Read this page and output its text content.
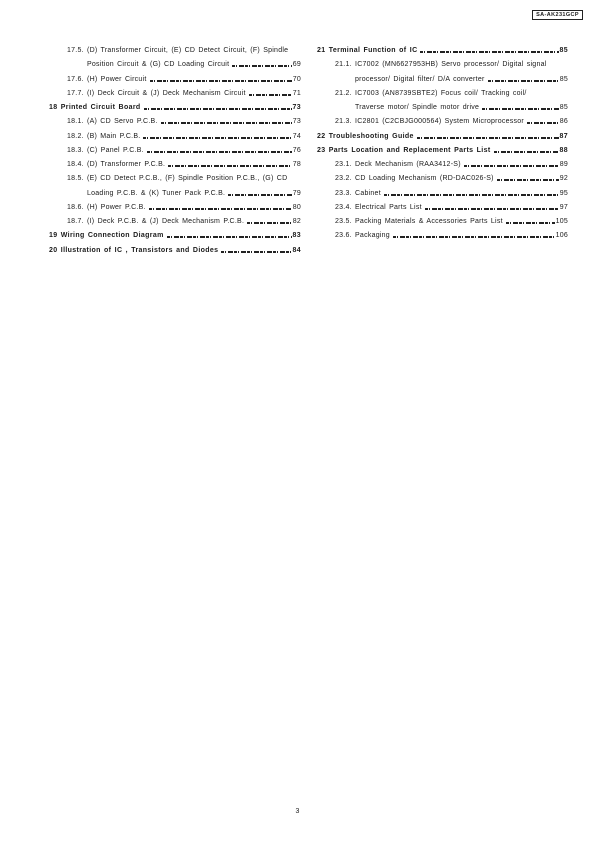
SA-AK231GCP
17.5. (D) Transformer Circuit, (E) CD Detect Circuit, (F) Spindle
Position Circuit & (G) CD Loading Circuit	69
17.6. (H) Power Circuit	70
17.7. (I) Deck Circuit & (J) Deck Mechanism Circuit	71
18 Printed Circuit Board	73
18.1. (A) CD Servo P.C.B.	73
18.2. (B) Main P.C.B.	74
18.3. (C) Panel P.C.B.	76
18.4. (D) Transformer P.C.B.	78
18.5. (E) CD Detect P.C.B., (F) Spindle Position P.C.B., (G) CD
Loading P.C.B. & (K) Tuner Pack P.C.B.	79
18.6. (H) Power P.C.B.	80
18.7. (I) Deck P.C.B. & (J) Deck Mechanism P.C.B.	82
19 Wiring Connection Diagram	83
20 Illustration of IC , Transistors and Diodes	84
21 Terminal Function of IC	85
21.1. IC7002 (MN6627953HB) Servo processor/ Digital signal
processor/ Digital filter/ D/A converter	85
21.2. IC7003 (AN8739SBTE2) Focus coil/ Tracking coil/
Traverse motor/ Spindle motor drive	85
21.3. IC2801 (C2CBJG000564) System Microprocessor	86
22 Troubleshooting Guide	87
23 Parts Location and Replacement Parts List	88
23.1. Deck Mechanism (RAA3412-S)	89
23.2. CD Loading Mechanism (RD-DAC026-S)	92
23.3. Cabinet	95
23.4. Electrical Parts List	97
23.5. Packing Materials & Accessories Parts List	105
23.6. Packaging	106
3
